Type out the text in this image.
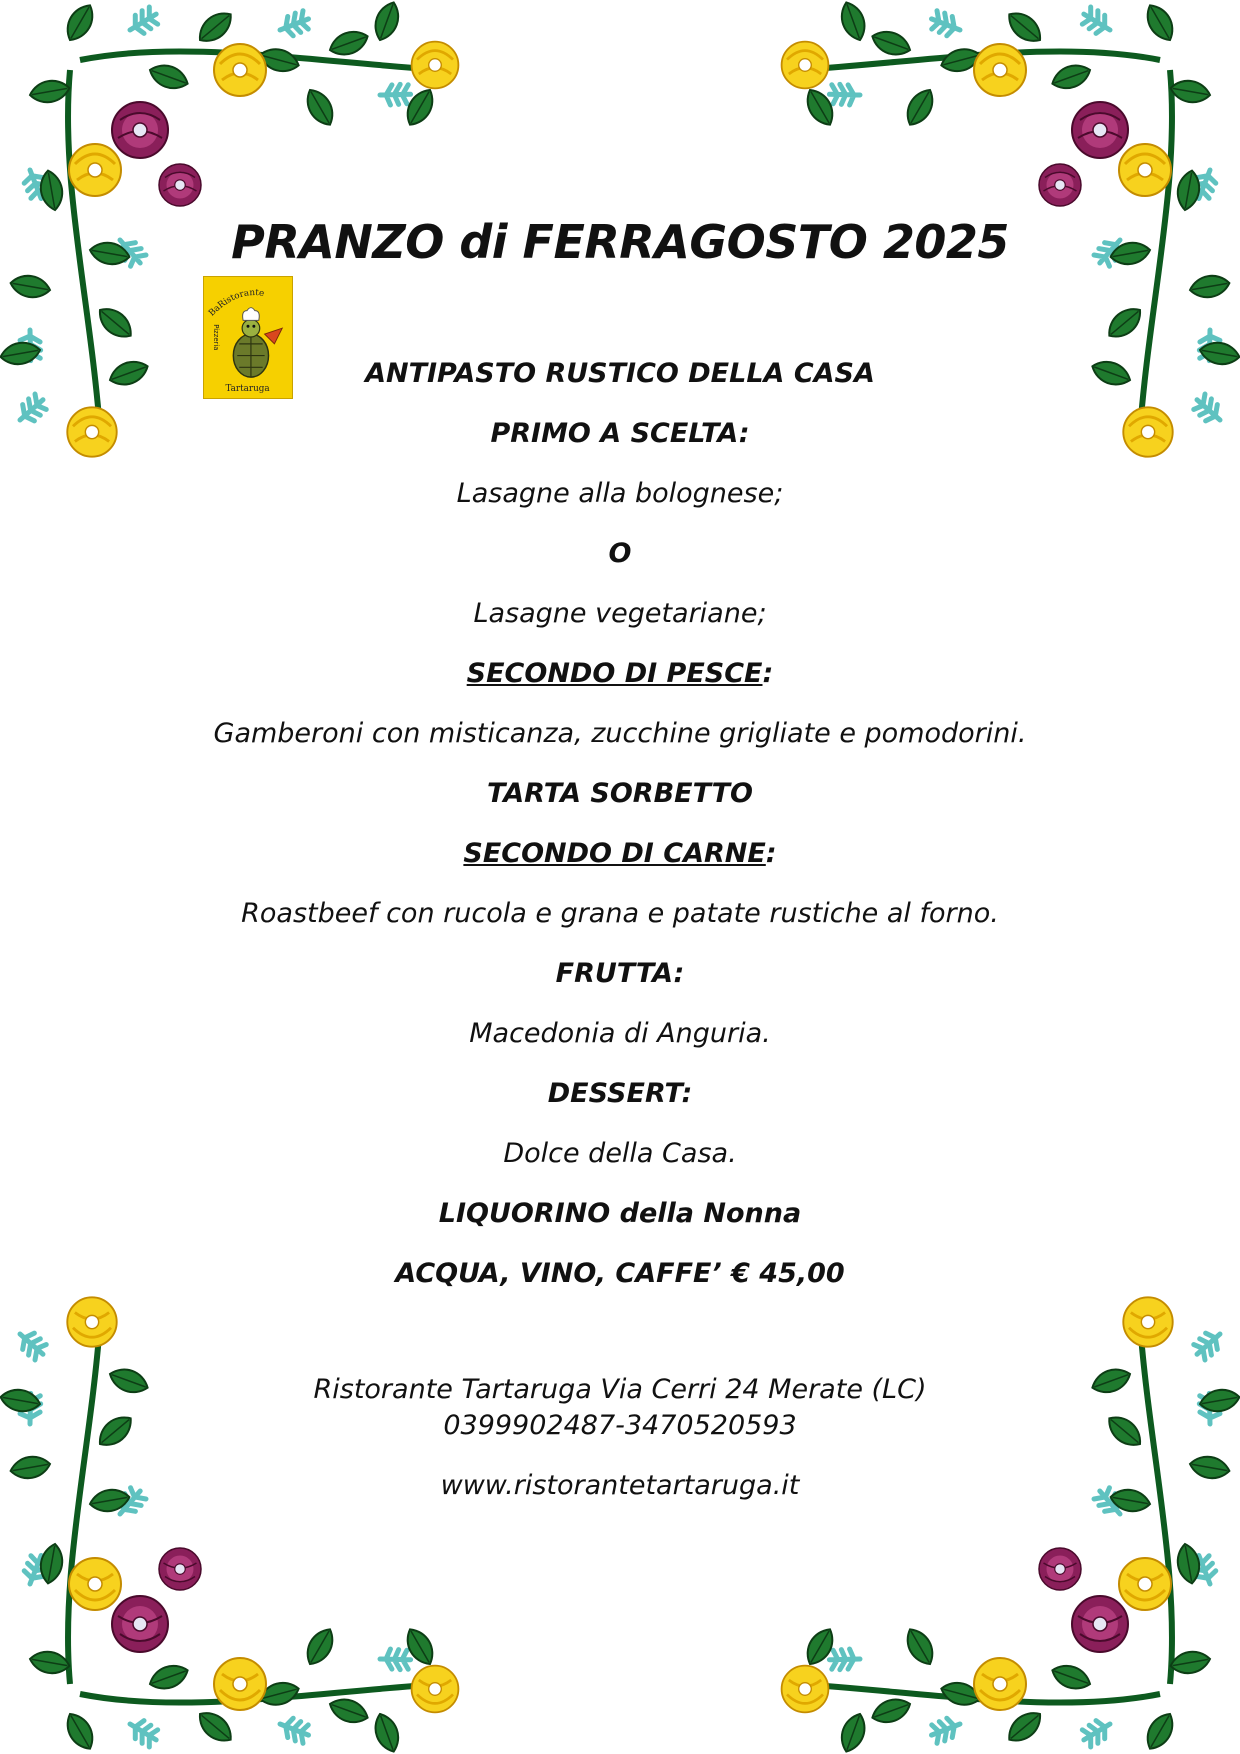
PRANZO di FERRAGOSTO 2025
BaRistorante
Pizzeria
Tartaruga	ANTIPASTO RUSTICO DELLA CASA
PRIMO A SCELTA:
Lasagne alla bolognese;
O
Lasagne vegetariane;
SECONDO DI PESCE:
Gamberoni con misticanza, zucchine grigliate e pomodorini.
TARTA SORBETTO
SECONDO DI CARNE:
Roastbeef con rucola e grana e patate rustiche al forno.
FRUTTA:
Macedonia di Anguria.
DESSERT:
Dolce della Casa.
LIQUORINO della Nonna
ACQUA, VINO, CAFFE’ € 45,00
Ristorante Tartaruga Via Cerri 24 Merate (LC)
0399902487-3470520593
www.ristorantetartaruga.it
